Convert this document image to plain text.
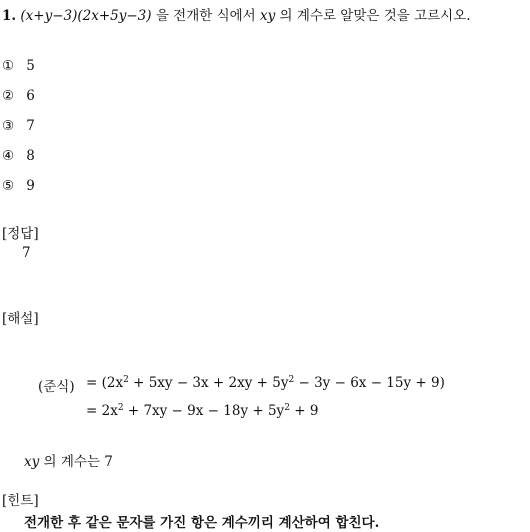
1. (x+y−3)(2x+5y−3) 을 전개한 식에서 xy 의 계수로 알맞은 것을 고르시오.
① 5
② 6
③ 7
④ 8
⑤ 9
[정답]
7
[해설]
(준식) = $(2x^2 + 5xy - 3x + 2xy + 5y^2 - 3y - 6x - 15y + 9)$
= $2x^2 + 7xy - 9x - 18y + 5y^2 + 9$
xy 의 계수는 7
[힌트]
전개한 후 같은 문자를 가진 항은 계수끼리 계산하여 합친다.
